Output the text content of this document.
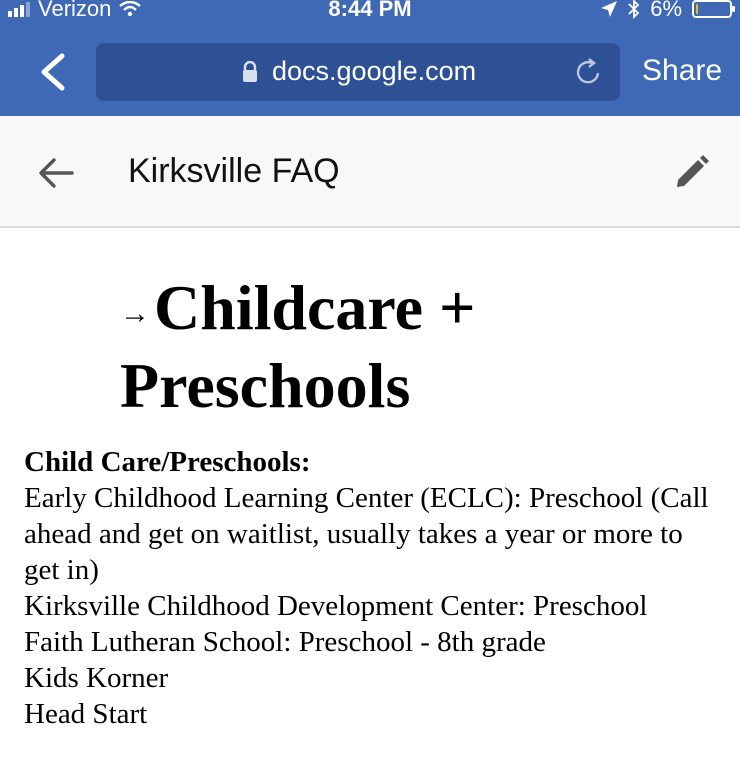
Verizon	8:44 PM	6%
docs.google.com	Share
Kirksville FAQ
→Childcare + Preschools
Child Care/Preschools:
Early Childhood Learning Center (ECLC): Preschool (Call ahead and get on waitlist, usually takes a year or more to get in)
Kirksville Childhood Development Center: Preschool
Faith Lutheran School: Preschool - 8th grade
Kids Korner
Head Start
